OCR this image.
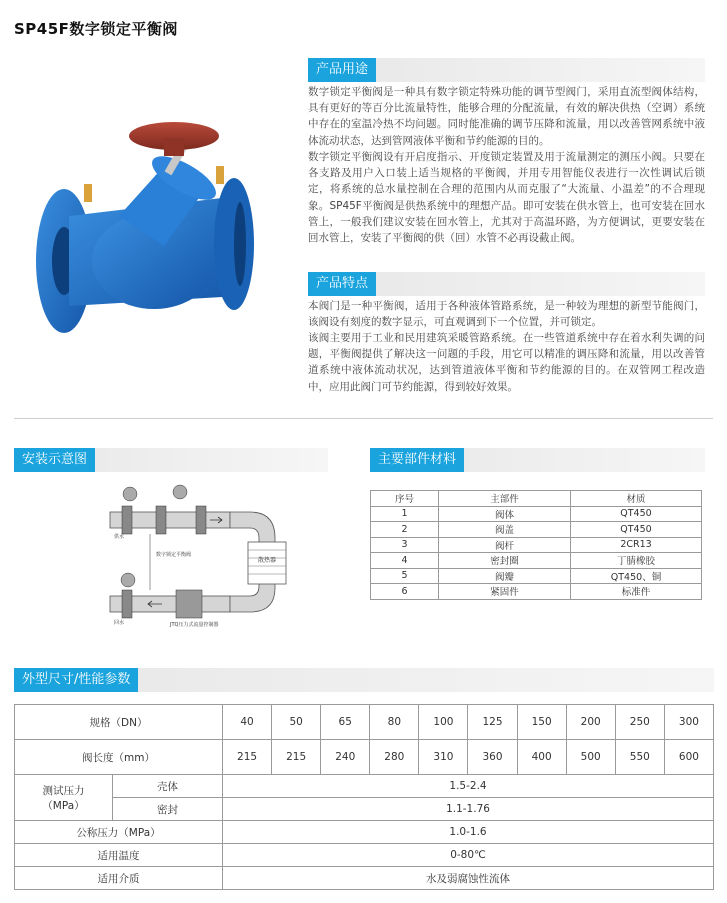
SP45F数字锁定平衡阀
产品用途
数字锁定平衡阀是一种具有数字锁定特殊功能的调节型阀门，采用直流型阀体结构，具有更好的等百分比流量特性，能够合理的分配流量，有效的解决供热（空调）系统中存在的室温冷热不均问题。同时能准确的调节压降和流量，用以改善管网系统中液体流动状态，达到管网液体平衡和节约能源的目的。
数字锁定平衡阀设有开启度指示、开度锁定装置及用于流量测定的测压小阀。只要在各支路及用户入口装上适当规格的平衡阀，并用专用智能仪表进行一次性调试后锁定，将系统的总水量控制在合理的范围内从而克服了“大流量、小温差”的不合理现象。SP45F平衡阀是供热系统中的理想产品。即可安装在供水管上，也可安装在回水管上，一般我们建议安装在回水管上，尤其对于高温环路，为方便调试，更要安装在回水管上，安装了平衡阀的供（回）水管不必再设截止阀。
产品特点
本阀门是一种平衡阀，适用于各种液体管路系统，是一种较为理想的新型节能阀门，该阀设有刻度的数字显示，可直观调到下一个位置，并可锁定。
该阀主要用于工业和民用建筑采暖管路系统。在一些管道系统中存在着水利失调的问题，平衡阀提供了解决这一问题的手段，用它可以精准的调压降和流量，用以改善管道系统中液体流动状况，达到管道液体平衡和节约能源的目的。在双管网工程改造中，应用此阀门可节约能源，得到较好效果。
安装示意图
散热器
供水
回水
数字锁定平衡阀
JTQ压力式流量控制器
主要部件材料
序号	主部件	材质
1	阀体	QT450
2	阀盖	QT450
3	阀杆	2CR13
4	密封圈	丁腈橡胶
5	阀瓣	QT450、铜
6	紧固件	标准件
外型尺寸/性能参数
规格（DN）		40	50	65	80	100	125	150	200	250	300
阀长度（mm）		215	215	240	280	310	360	400	500	550	600
测试压力（MPa）	壳体	1.5-2.4									
	密封	1.1-1.76									
公称压力（MPa）		1.0-1.6									
适用温度		0-80℃									
适用介质		水及弱腐蚀性流体									
